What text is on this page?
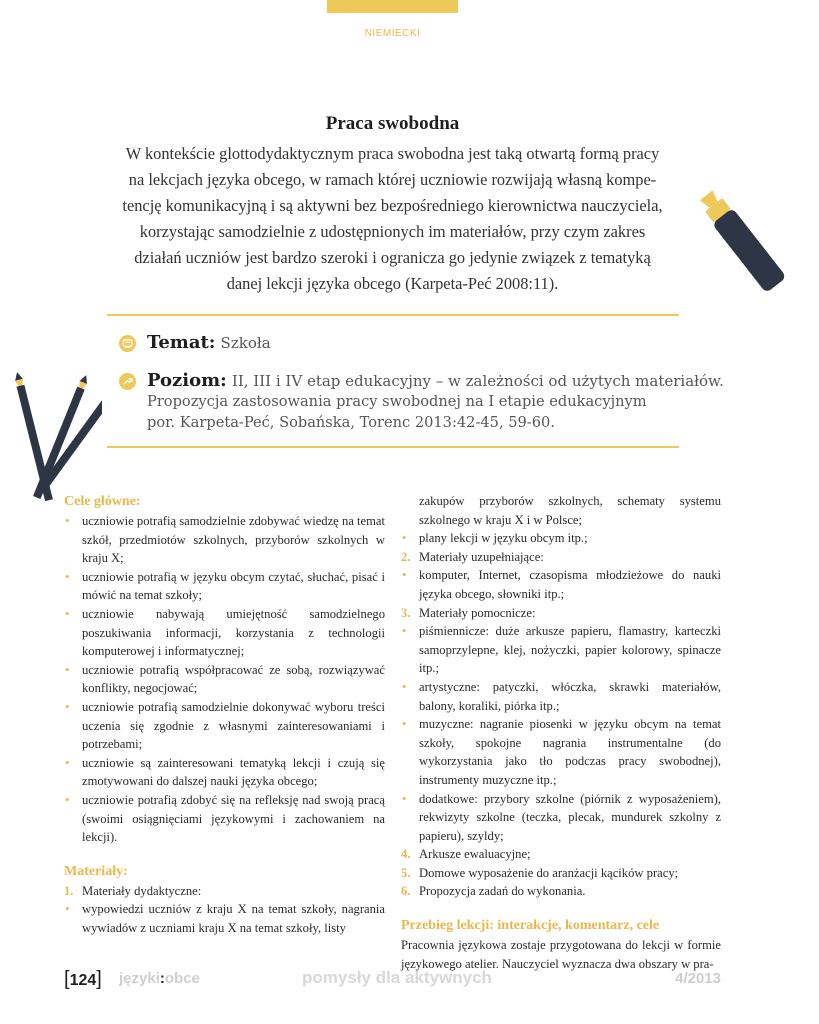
NIEMIECKI
Praca swobodna
W kontekście glottodydaktycznym praca swobodna jest taką otwartą formą pracy
na lekcjach języka obcego, w ramach której uczniowie rozwijają własną kompe-
tencję komunikacyjną i są aktywni bez bezpośredniego kierownictwa nauczyciela,
korzystając samodzielnie z udostępnionych im materiałów, przy czym zakres
działań uczniów jest bardzo szeroki i ogranicza go jedynie związek z tematyką
danej lekcji języka obcego (Karpeta-Peć 2008:11).
Temat: Szkoła
Poziom: II, III i IV etap edukacyjny – w zależności od użytych materiałów.
Propozycja zastosowania pracy swobodnej na I etapie edukacyjnym
por. Karpeta-Peć, Sobańska, Torenc 2013:42-45, 59-60.
Cele główne:
• uczniowie potrafią samodzielnie zdobywać wiedzę na temat szkół, przedmiotów szkolnych, przyborów szkolnych w kraju X;
• uczniowie potrafią w języku obcym czytać, słuchać, pisać i mówić na temat szkoły;
• uczniowie nabywają umiejętność samodzielnego poszukiwania informacji, korzystania z technologii komputerowej i informatycznej;
• uczniowie potrafią współpracować ze sobą, rozwiązywać konflikty, negocjować;
• uczniowie potrafią samodzielnie dokonywać wyboru treści uczenia się zgodnie z własnymi zainteresowaniami i potrzebami;
• uczniowie są zainteresowani tematyką lekcji i czują się zmotywowani do dalszej nauki języka obcego;
• uczniowie potrafią zdobyć się na refleksję nad swoją pracą (swoimi osiągnięciami językowymi i zachowaniem na lekcji).
Materiały:
1. Materiały dydaktyczne:
• wypowiedzi uczniów z kraju X na temat szkoły, nagrania wywiadów z uczniami kraju X na temat szkoły, listy
zakupów przyborów szkolnych, schematy systemu szkolnego w kraju X i w Polsce;
• plany lekcji w języku obcym itp.;
2. Materiały uzupełniające:
• komputer, Internet, czasopisma młodzieżowe do nauki języka obcego, słowniki itp.;
3. Materiały pomocnicze:
• piśmiennicze: duże arkusze papieru, flamastry, karteczki samoprzylepne, klej, nożyczki, papier kolorowy, spinacze itp.;
• artystyczne: patyczki, włóczka, skrawki materiałów, balony, koraliki, piórka itp.;
• muzyczne: nagranie piosenki w języku obcym na temat szkoły, spokojne nagrania instrumentalne (do wykorzystania jako tło podczas pracy swobodnej), instrumenty muzyczne itp.;
• dodatkowe: przybory szkolne (piórnik z wyposażeniem), rekwizyty szkolne (teczka, plecak, mundurek szkolny z papieru), szyldy;
4. Arkusze ewaluacyjne;
5. Domowe wyposażenie do aranżacji kącików pracy;
6. Propozycja zadań do wykonania.
Przebieg lekcji: interakcje, komentarz, cele

Pracownia językowa zostaje przygotowana do lekcji w formie językowego atelier. Nauczyciel wyznacza dwa obszary w pra-

[124] języki:obce	pomysły dla aktywnych	4/2013
